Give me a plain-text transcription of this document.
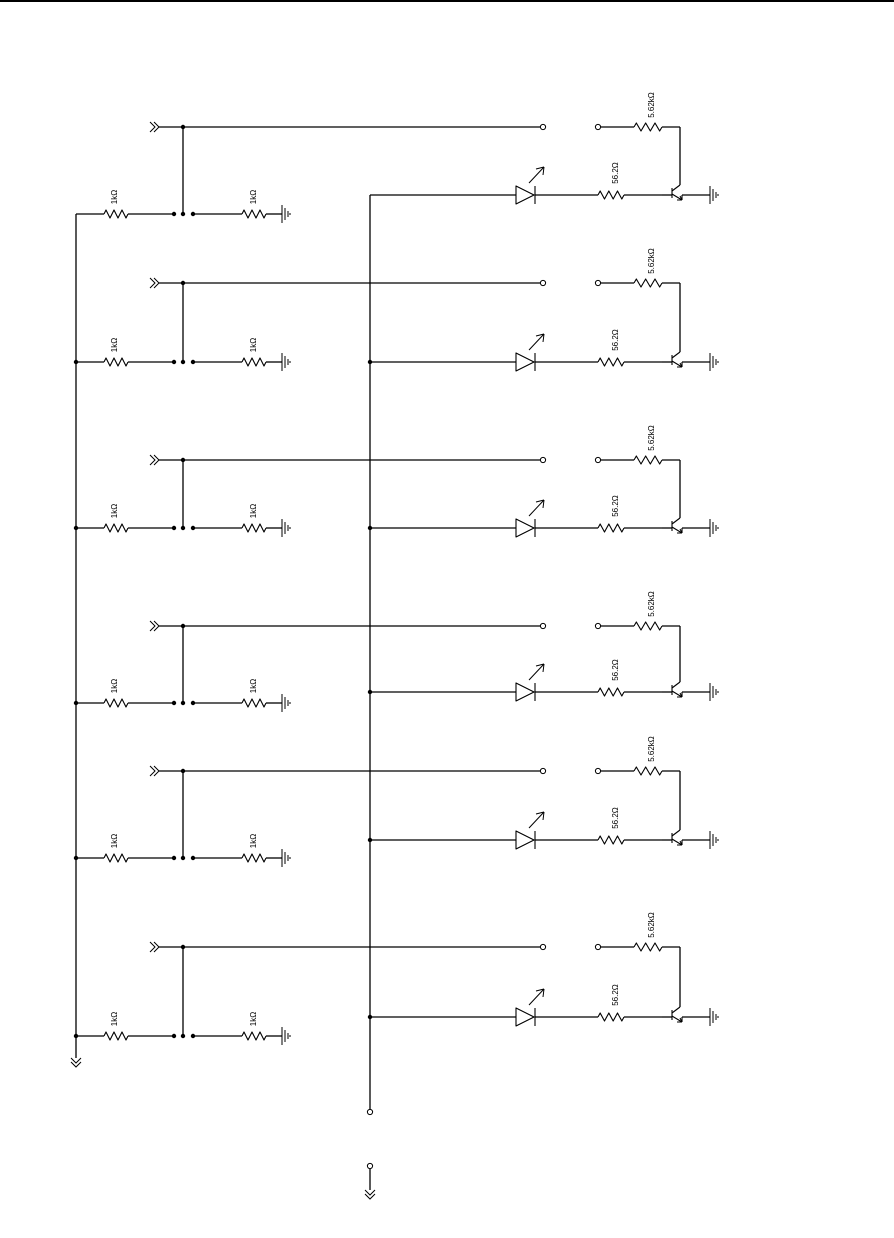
1kΩ	1kΩ
56.2Ω
5.62kΩ
1kΩ	1kΩ	56.2Ω
5.62kΩ
1kΩ	1kΩ	56.2Ω
5.62kΩ
1kΩ	1kΩ
56.2Ω
5.62kΩ
1kΩ	1kΩ
56.2Ω
5.62kΩ
1kΩ	1kΩ
56.2Ω
5.62kΩ
